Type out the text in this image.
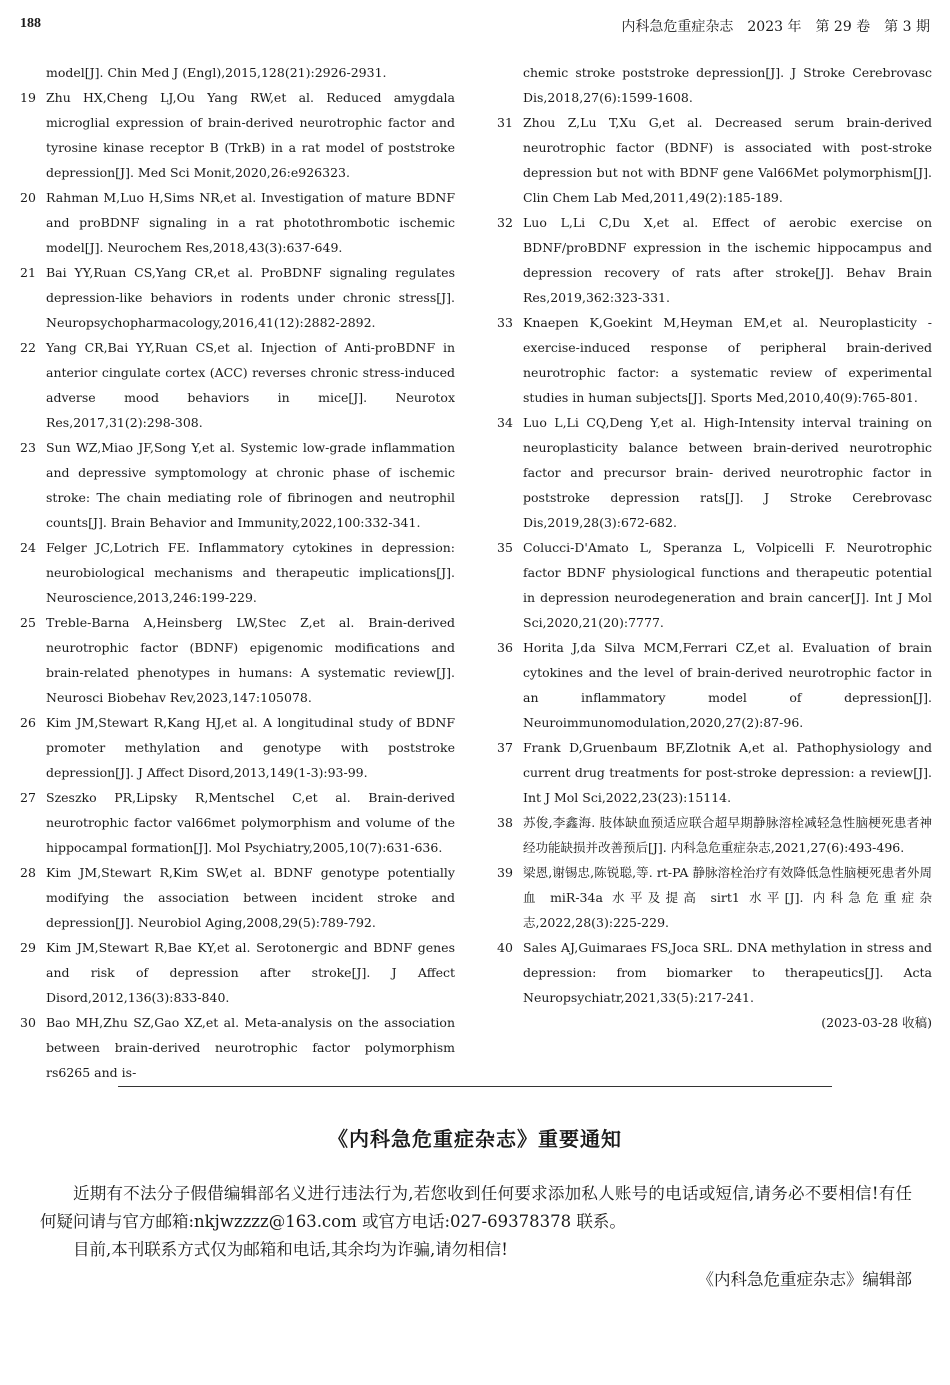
188	内科急危重症杂志　2023 年　第 29 卷　第 3 期
model[J]. Chin Med J (Engl),2015,128(21):2926-2931.
19 Zhu HX,Cheng LJ,Ou Yang RW,et al. Reduced amygdala microglial expression of brain-derived neurotrophic factor and tyrosine kinase receptor B (TrkB) in a rat model of poststroke depression[J]. Med Sci Monit,2020,26:e926323.
20 Rahman M,Luo H,Sims NR,et al. Investigation of mature BDNF and proBDNF signaling in a rat photothrombotic ischemic model[J]. Neurochem Res,2018,43(3):637-649.
21 Bai YY,Ruan CS,Yang CR,et al. ProBDNF signaling regulates depression-like behaviors in rodents under chronic stress[J]. Neuropsychopharmacology,2016,41(12):2882-2892.
22 Yang CR,Bai YY,Ruan CS,et al. Injection of Anti-proBDNF in anterior cingulate cortex (ACC) reverses chronic stress-induced adverse mood behaviors in mice[J]. Neurotox Res,2017,31(2):298-308.
23 Sun WZ,Miao JF,Song Y,et al. Systemic low-grade inflammation and depressive symptomology at chronic phase of ischemic stroke: The chain mediating role of fibrinogen and neutrophil counts[J]. Brain Behavior and Immunity,2022,100:332-341.
24 Felger JC,Lotrich FE. Inflammatory cytokines in depression: neurobiological mechanisms and therapeutic implications[J]. Neuroscience,2013,246:199-229.
25 Treble-Barna A,Heinsberg LW,Stec Z,et al. Brain-derived neurotrophic factor (BDNF) epigenomic modifications and brain-related phenotypes in humans: A systematic review[J]. Neurosci Biobehav Rev,2023,147:105078.
26 Kim JM,Stewart R,Kang HJ,et al. A longitudinal study of BDNF promoter methylation and genotype with poststroke depression[J]. J Affect Disord,2013,149(1-3):93-99.
27 Szeszko PR,Lipsky R,Mentschel C,et al. Brain-derived neurotrophic factor val66met polymorphism and volume of the hippocampal formation[J]. Mol Psychiatry,2005,10(7):631-636.
28 Kim JM,Stewart R,Kim SW,et al. BDNF genotype potentially modifying the association between incident stroke and depression[J]. Neurobiol Aging,2008,29(5):789-792.
29 Kim JM,Stewart R,Bae KY,et al. Serotonergic and BDNF genes and risk of depression after stroke[J]. J Affect Disord,2012,136(3):833-840.
30 Bao MH,Zhu SZ,Gao XZ,et al. Meta-analysis on the association between brain-derived neurotrophic factor polymorphism rs6265 and is-
chemic stroke poststroke depression[J]. J Stroke Cerebrovasc Dis,2018,27(6):1599-1608.
31 Zhou Z,Lu T,Xu G,et al. Decreased serum brain-derived neurotrophic factor (BDNF) is associated with post-stroke depression but not with BDNF gene Val66Met polymorphism[J]. Clin Chem Lab Med,2011,49(2):185-189.
32 Luo L,Li C,Du X,et al. Effect of aerobic exercise on BDNF/proBDNF expression in the ischemic hippocampus and depression recovery of rats after stroke[J]. Behav Brain Res,2019,362:323-331.
33 Knaepen K,Goekint M,Heyman EM,et al. Neuroplasticity - exercise-induced response of peripheral brain-derived neurotrophic factor: a systematic review of experimental studies in human subjects[J]. Sports Med,2010,40(9):765-801.
34 Luo L,Li CQ,Deng Y,et al. High-Intensity interval training on neuroplasticity balance between brain-derived neurotrophic factor and precursor brain- derived neurotrophic factor in poststroke depression rats[J]. J Stroke Cerebrovasc Dis,2019,28(3):672-682.
35 Colucci-D'Amato L, Speranza L, Volpicelli F. Neurotrophic factor BDNF physiological functions and therapeutic potential in depression neurodegeneration and brain cancer[J]. Int J Mol Sci,2020,21(20):7777.
36 Horita J,da Silva MCM,Ferrari CZ,et al. Evaluation of brain cytokines and the level of brain-derived neurotrophic factor in an inflammatory model of depression[J]. Neuroimmunomodulation,2020,27(2):87-96.
37 Frank D,Gruenbaum BF,Zlotnik A,et al. Pathophysiology and current drug treatments for post-stroke depression: a review[J]. Int J Mol Sci,2022,23(23):15114.
38 苏俊,李鑫海. 肢体缺血预适应联合超早期静脉溶栓减轻急性脑梗死患者神经功能缺损并改善预后[J]. 内科急危重症杂志,2021,27(6):493-496.
39 梁恩,谢锡忠,陈锐聪,等. rt-PA 静脉溶栓治疗有效降低急性脑梗死患者外周血 miR-34a 水平及提高 sirt1 水平[J]. 内科急危重症杂志,2022,28(3):225-229.
40 Sales AJ,Guimaraes FS,Joca SRL. DNA methylation in stress and depression: from biomarker to therapeutics[J]. Acta Neuropsychiatr,2021,33(5):217-241.
(2023-03-28 收稿)
《内科急危重症杂志》重要通知

近期有不法分子假借编辑部名义进行违法行为,若您收到任何要求添加私人账号的电话或短信,请务必不要相信!有任何疑问请与官方邮箱:nkjwzzzz@163.com 或官方电话:027-69378378 联系。

目前,本刊联系方式仅为邮箱和电话,其余均为诈骗,请勿相信!

《内科急危重症杂志》编辑部
